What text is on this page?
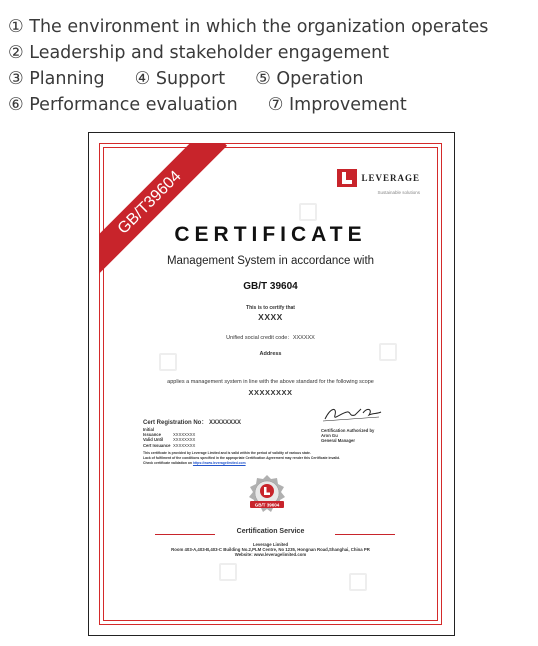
① The environment in which the organization operates
② Leadership and stakeholder engagement
③ Planning ④ Support ⑤ Operation
⑥ Performance evaluation ⑦ Improvement
GB/T39604	LEVERAGE
Sustainable solutions
CERTIFICATE
Management System in accordance with
GB/T 39604
This is to certify that
XXXX
Unified social credit code：XXXXXX
Address
applies a management system in line with the above standard for the following scope
XXXXXXXX
Cert Registration No： XXXXXXXX
Initial Issuance	XXXXXXXX
Valid Until XXXXXXXX
Cert Issuance XXXXXXXX
Certification Authorized by
Aron Gu
General Manager
This certificate is provided by Leverage Limited and is valid within the period of validity of various state.
Lack of fulfilment of the conditions specified in the appropriate Certification Agreement may render this Certificate invalid.
Check certificate validation on https://www.leveragelimited.com
GB/T 39604
Certification Service
Leverage Limited
Room 403-A,403-B,403-C Building No.2,PLM Centre, No 1235, Hongnan Road,Shanghai, China PR
Website: www.leveragelimited.com
